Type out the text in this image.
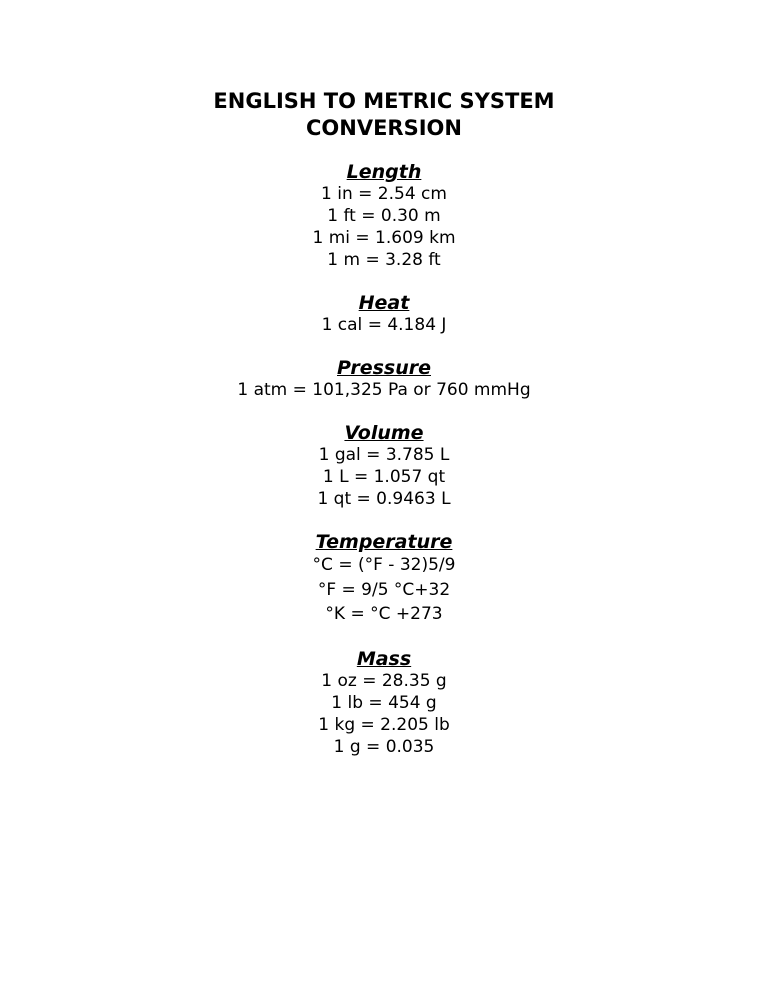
ENGLISH TO METRIC SYSTEM
CONVERSION
Length
1 in = 2.54 cm
1 ft = 0.30 m
1 mi = 1.609 km
1 m = 3.28 ft
Heat
1 cal = 4.184 J
Pressure
1 atm = 101,325 Pa or 760 mmHg
Volume
1 gal = 3.785 L
1 L = 1.057 qt
1 qt = 0.9463 L
Temperature
°C = (°F - 32)5/9
°F = 9/5 °C+32
°K = °C +273
Mass
1 oz = 28.35 g
1 lb = 454 g
1 kg = 2.205 lb
1 g = 0.035
